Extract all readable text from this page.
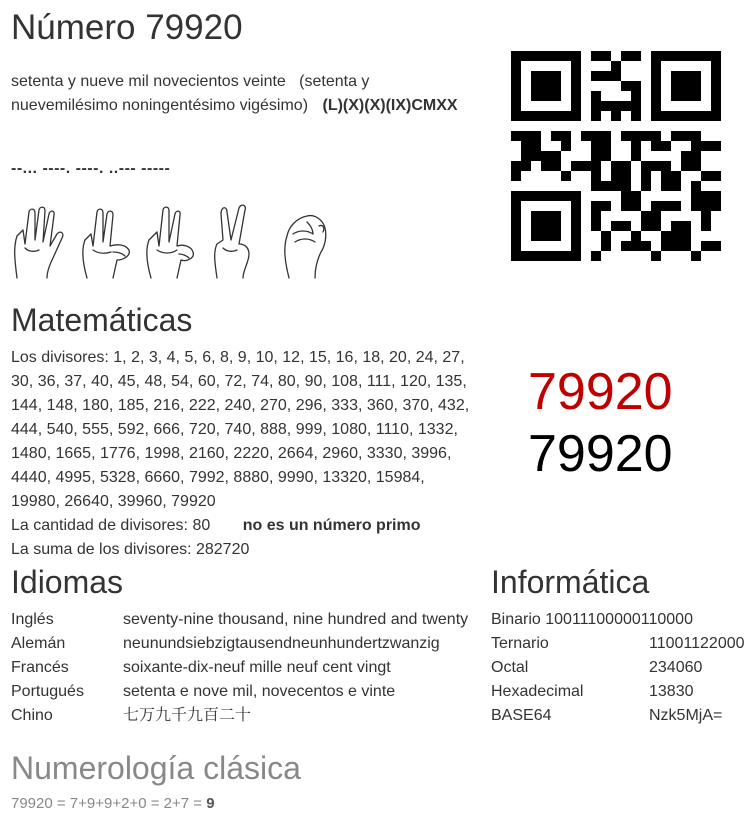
Número 79920
setenta y nueve mil novecientos veinte (setenta y nuevemilésimo noningentésimo vigésimo) (L)(X)(X)(IX)CMXX
--... ----. ----. ..--- -----
Matemáticas
Los divisores: 1, 2, 3, 4, 5, 6, 8, 9, 10, 12, 15, 16, 18, 20, 24, 27, 30, 36, 37, 40, 45, 48, 54, 60, 72, 74, 80, 90, 108, 111, 120, 135, 144, 148, 180, 185, 216, 222, 240, 270, 296, 333, 360, 370, 432, 444, 540, 555, 592, 666, 720, 740, 888, 999, 1080, 1110, 1332, 1480, 1665, 1776, 1998, 2160, 2220, 2664, 2960, 3330, 3996, 4440, 4995, 5328, 6660, 7992, 8880, 9990, 13320, 15984, 19980, 26640, 39960, 79920
La cantidad de divisores: 80 no es un número primo
La suma de los divisores: 282720
79920
79920
Idiomas
Inglés	seventy-nine thousand, nine hundred and twenty
Alemán	neunundsiebzigtausendneunhundertzwanzig
Francés	soixante-dix-neuf mille neuf cent vingt
Portugués setenta e nove mil, novecentos e vinte
Chino	七万九千九百二十
Informática
Binario 10011100000110000
Ternario	11001122000
Octal	234060
Hexadecimal	13830
BASE64	Nzk5MjA=
Numerología clásica
79920 = 7+9+9+2+0 = 2+7 = 9
